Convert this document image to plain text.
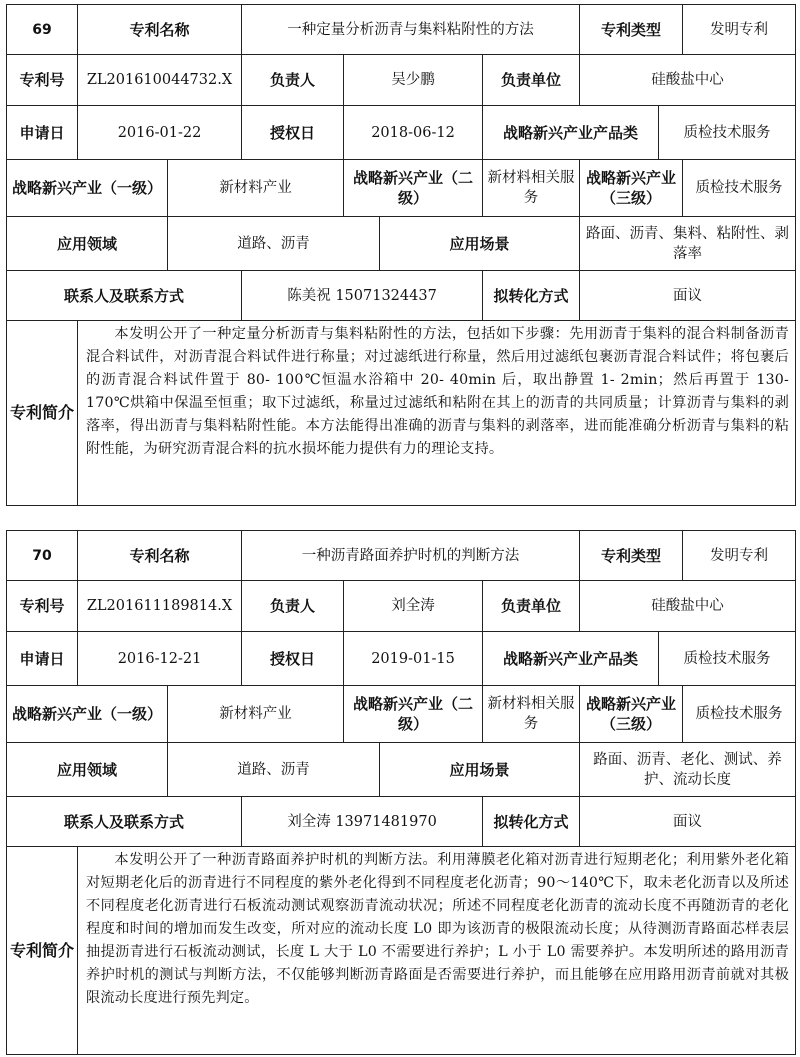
69	专利名称		一种定量分析沥青与集料粘附性的方法				专利类型		发明专利
专利号	ZL201610044732.X		负责人	吴少鹏		负责单位	硅酸盐中心		
申请日	2016-01-22		授权日	2018-06-12		战略新兴产业产品类		质检技术服务	
战略新兴产业（一级）		新材料产业		战略新兴产业（二级）		新材料相关服务	战略新兴产业（三级）		质检技术服务
应用领域		道路、沥青			应用场景		路面、沥青、集料、粘附性、剥落率		
联系人及联系方式			陈美祝 15071324437			拟转化方式	面议		
专利简介	本发明公开了一种定量分析沥青与集料粘附性的方法，包括如下步骤：先用沥青于集料的混合料制备沥青混合料试件，对沥青混合料试件进行称量；对过滤纸进行称量，然后用过滤纸包裹沥青混合料试件；将包裹后的沥青混合料试件置于 80- 100℃恒温水浴箱中 20- 40min 后，取出静置 1- 2min；然后再置于 130- 170℃烘箱中保温至恒重；取下过滤纸，称量过过滤纸和粘附在其上的沥青的共同质量；计算沥青与集料的剥落率，得出沥青与集料粘附性能。本方法能得出准确的沥青与集料的剥落率，进而能准确分析沥青与集料的粘附性能，为研究沥青混合料的抗水损坏能力提供有力的理论支持。								

70	专利名称		一种沥青路面养护时机的判断方法				专利类型		发明专利
专利号	ZL201611189814.X		负责人	刘全涛		负责单位	硅酸盐中心		
申请日	2016-12-21		授权日	2019-01-15		战略新兴产业产品类		质检技术服务	
战略新兴产业（一级）		新材料产业		战略新兴产业（二级）		新材料相关服务	战略新兴产业（三级）		质检技术服务
应用领域		道路、沥青			应用场景		路面、沥青、老化、测试、养护、流动长度		
联系人及联系方式			刘全涛 13971481970			拟转化方式	面议		
专利简介	本发明公开了一种沥青路面养护时机的判断方法。利用薄膜老化箱对沥青进行短期老化；利用紫外老化箱对短期老化后的沥青进行不同程度的紫外老化得到不同程度老化沥青；90～140℃下，取未老化沥青以及所述不同程度老化沥青进行石板流动测试观察沥青流动状况；所述不同程度老化沥青的流动长度不再随沥青的老化程度和时间的增加而发生改变，所对应的流动长度 L0 即为该沥青的极限流动长度；从待测沥青路面芯样表层抽提沥青进行石板流动测试，长度 L 大于 L0 不需要进行养护；L 小于 L0 需要养护。本发明所述的路用沥青养护时机的测试与判断方法，不仅能够判断沥青路面是否需要进行养护，而且能够在应用路用沥青前就对其极限流动长度进行预先判定。								
